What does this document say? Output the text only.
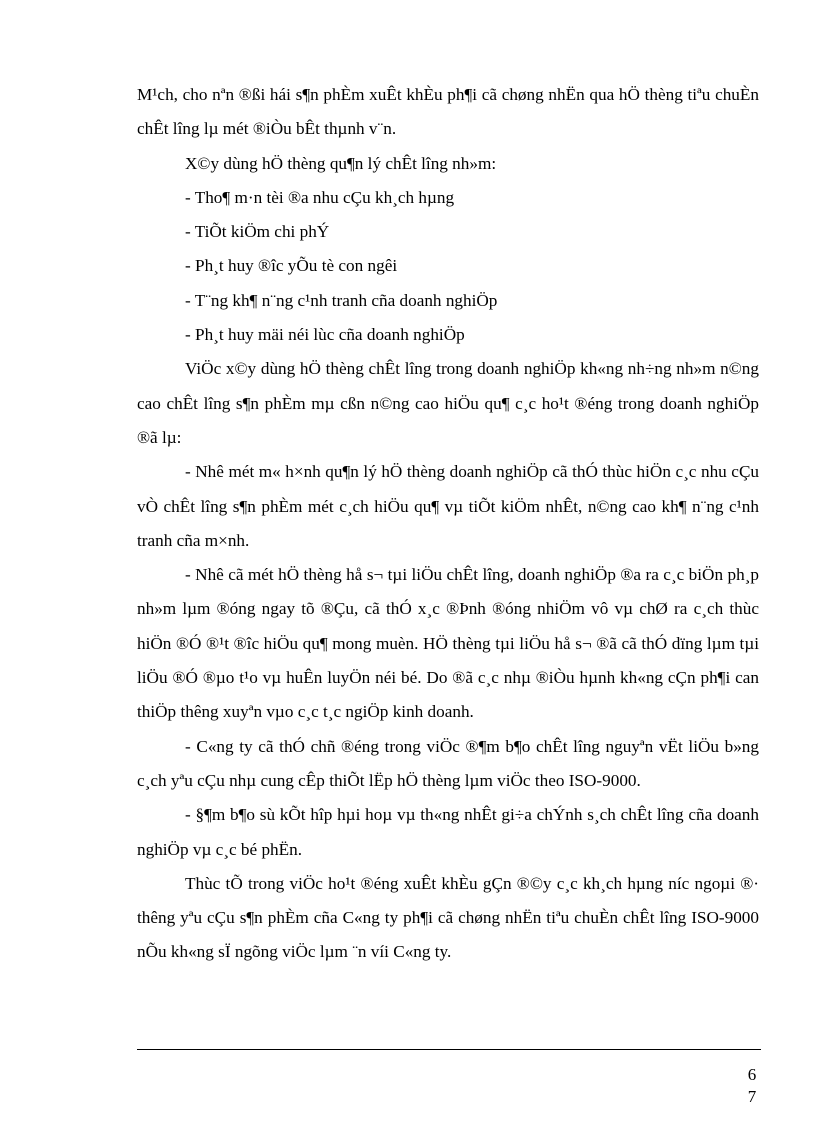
M¹ch, cho nªn ®ßi hái s¶n phÈm xuÊt khÈu ph¶i cã chøng nhËn qua hÖ thèng tiªu chuÈn chÊt lîng lµ mét ®iÒu bÊt thµnh v¨n.

X©y dùng hÖ thèng qu¶n lý chÊt lîng nh»m:

- Tho¶ m·n tèi ®a nhu cÇu kh¸ch hµng

- TiÕt kiÖm chi phÝ

- Ph¸t huy ®îc yÕu tè con ngêi

- T¨ng kh¶ n¨ng c¹nh tranh cña doanh nghiÖp

- Ph¸t huy mäi néi lùc cña doanh nghiÖp

ViÖc x©y dùng hÖ thèng chÊt lîng trong doanh nghiÖp kh«ng nh÷ng nh»m n©ng cao chÊt lîng s¶n phÈm mµ cßn n©ng cao hiÖu qu¶ c¸c ho¹t ®éng trong doanh nghiÖp ®ã lµ:

- Nhê mét m« h×nh qu¶n lý hÖ thèng doanh nghiÖp cã thÓ thùc hiÖn c¸c nhu cÇu vÒ chÊt lîng s¶n phÈm mét c¸ch hiÖu qu¶ vµ tiÕt kiÖm nhÊt, n©ng cao kh¶ n¨ng c¹nh tranh cña m×nh.

- Nhê cã mét hÖ thèng hå s¬ tµi liÖu chÊt lîng, doanh nghiÖp ®a ra c¸c biÖn ph¸p nh»m lµm ®óng ngay tõ ®Çu, cã thÓ x¸c ®Þnh ®óng nhiÖm vô vµ chØ ra c¸ch thùc hiÖn ®Ó ®¹t ®îc hiÖu qu¶ mong muèn. HÖ thèng tµi liÖu hå s¬ ®ã cã thÓ dïng lµm tµi liÖu ®Ó ®µo t¹o vµ huÊn luyÖn néi bé. Do ®ã c¸c nhµ ®iÒu hµnh kh«ng cÇn ph¶i can thiÖp thêng xuyªn vµo c¸c t¸c ngiÖp kinh doanh.

- C«ng ty cã thÓ chñ ®éng trong viÖc ®¶m b¶o chÊt lîng nguyªn vËt liÖu b»ng c¸ch yªu cÇu nhµ cung cÊp thiÕt lËp hÖ thèng lµm viÖc theo ISO-9000.

- §¶m b¶o sù kÕt hîp hµi hoµ vµ th«ng nhÊt gi÷a chÝnh s¸ch chÊt lîng cña doanh nghiÖp vµ c¸c bé phËn.

Thùc tÕ trong viÖc ho¹t ®éng xuÊt khÈu gÇn ®©y c¸c kh¸ch hµng níc ngoµi ®· thêng yªu cÇu s¶n phÈm cña C«ng ty ph¶i cã chøng nhËn tiªu chuÈn chÊt lîng ISO-9000 nÕu kh«ng sÏ ngõng viÖc lµm ¨n víi C«ng ty.

6
7
